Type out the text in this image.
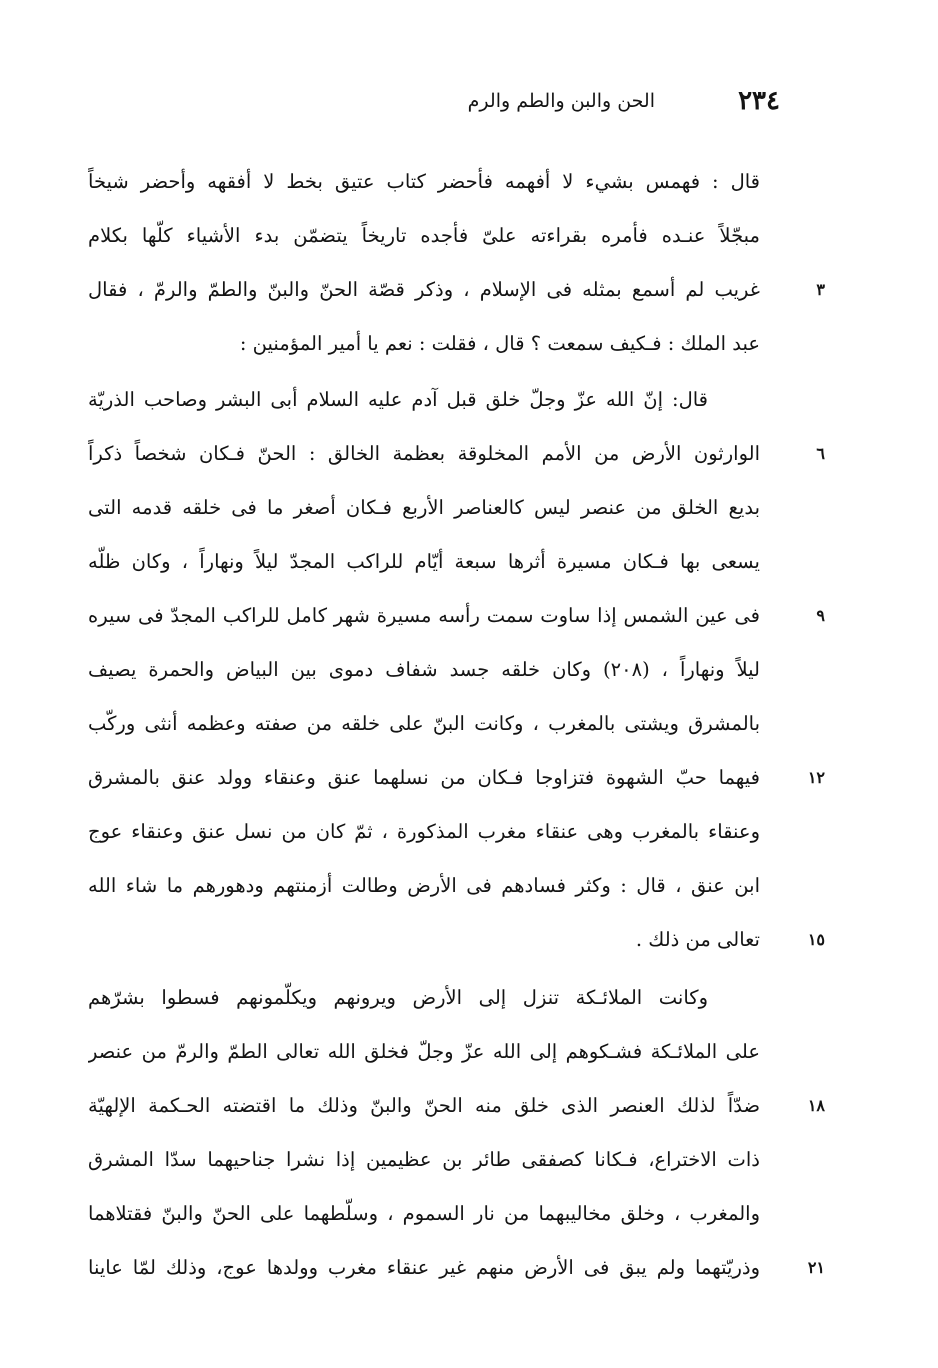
٢٣٤
الحن والبن والطم والرم
قال : فهمس بشيء لا أفهمه فأحضر كتاب عتيق بخط لا أفقهه وأحضر شيخاً
مبجّلاً عنـده فأمره بقراءته علىّ فأجده تاريخاً يتضمّن بدء الأشياء كلّها بكلام
غريب لم أسمع بمثله فى الإسلام ، وذكر قصّة الحنّ والبنّ والطمّ والرمّ ، فقال
عبد الملك : فـكيف سمعت ؟ قال ، فقلت : نعم يا أمير المؤمنين :
قال: إنّ الله عزّ وجلّ خلق قبل آدم عليه السلام أبى البشر وصاحب الذريّة
الوارثون الأرض من الأمم المخلوقة بعظمة الخالق : الحنّ فـكان شخصاً ذكراً
بديع الخلق من عنصر ليس كالعناصر الأربع فـكان أصغر ما فى خلقه قدمه التى
يسعى بها فـكان مسيرة أثرها سبعة أيّام للراكب المجدّ ليلاً ونهاراً ، وكان ظلّه
فى عين الشمس إذا ساوت سمت رأسه مسيرة شهر كامل للراكب المجدّ فى سيره
ليلاً ونهاراً ، (٢٠٨) وكان خلقه جسد شفاف دموى بين البياض والحمرة يصيف
بالمشرق ويشتى بالمغرب ، وكانت البنّ على خلقه من صفته وعظمه أنثى وركّب
فيهما حبّ الشهوة فتزاوجا فـكان من نسلهما عنق وعنقاء وولد عنق بالمشرق
وعنقاء بالمغرب وهى عنقاء مغرب المذكورة ، ثمّ كان من نسل عنق وعنقاء عوج
ابن عنق ، قال : وكثر فسادهم فى الأرض وطالت أزمنتهم ودهورهم ما شاء الله
تعالى من ذلك .
وكانت الملائـكة تنزل إلى الأرض ويرونهم ويكلّمونهم فسطوا بشرّهم
على الملائـكة فشـكوهم إلى الله عزّ وجلّ فخلق الله تعالى الطمّ والرمّ من عنصر
ضدّاً لذلك العنصر الذى خلق منه الحنّ والبنّ وذلك ما اقتضته الحـكمة الإلهيّة
ذات الاختراع، فـكانا كصفقى طائر بن عظيمين إذا نشرا جناحيهما سدّا المشرق
والمغرب ، وخلق مخاليبهما من نار السموم ، وسلّطهما على الحنّ والبنّ فقتلاهما
وذريّتهما ولم يبق فى الأرض منهم غير عنقاء مغرب وولدها عوج، وذلك لمّا عاينا
٣
٦
٩
١٢
١٥
١٨
٢١
